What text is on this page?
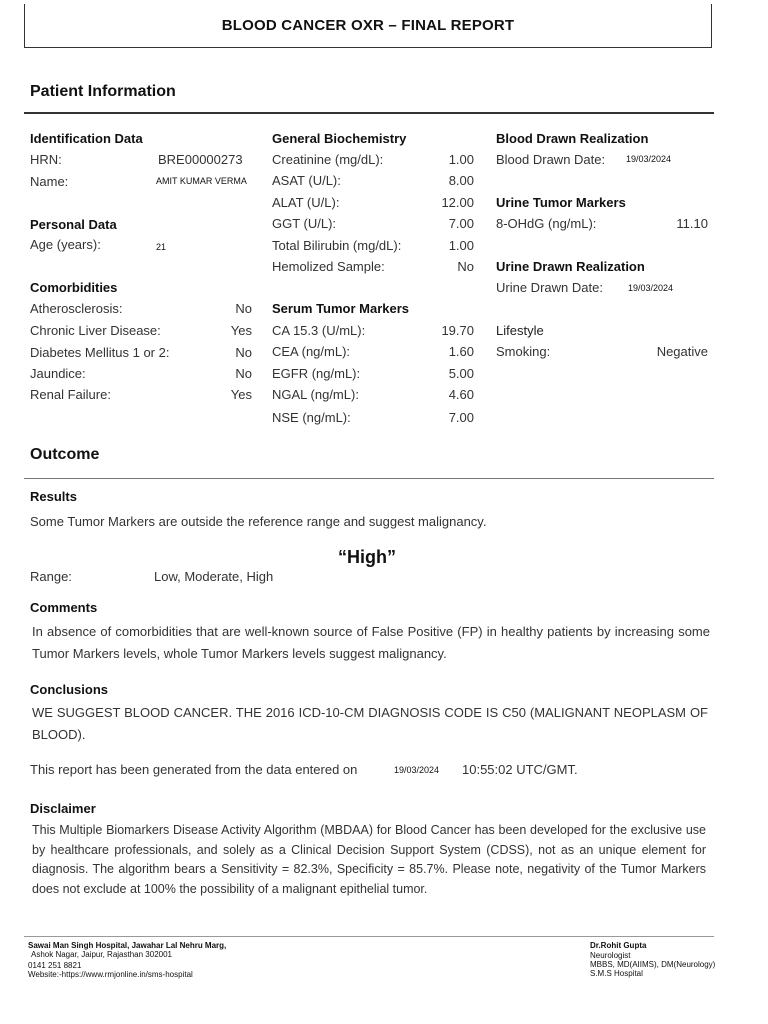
BLOOD CANCER OXR – FINAL REPORT
Patient Information
Identification Data
HRN:	BRE00000273
Name:	AMIT KUMAR VERMA
Personal Data
Age (years):	21
Comorbidities
Atherosclerosis:	No
Chronic Liver Disease:	Yes
Diabetes Mellitus 1 or 2:	No
Jaundice:	No
Renal Failure:	Yes
General Biochemistry
Creatinine (mg/dL):	1.00
ASAT (U/L):	8.00
ALAT (U/L):	12.00
GGT (U/L):	7.00
Total Bilirubin (mg/dL):	1.00
Hemolized Sample:	No
Serum Tumor Markers
CA 15.3 (U/mL):	19.70
CEA (ng/mL):	1.60
EGFR (ng/mL):	5.00
NGAL (ng/mL):	4.60
NSE (ng/mL):	7.00
Blood Drawn Realization
Blood Drawn Date: 19/03/2024
Urine Tumor Markers
8-OHdG (ng/mL):	11.10
Urine Drawn Realization
Urine Drawn Date:	19/03/2024
Lifestyle
Smoking:	Negative
Outcome
Results
Some Tumor Markers are outside the reference range and suggest malignancy.
“High”
Range:	Low, Moderate, High
Comments
In absence of comorbidities that are well-known source of False Positive (FP) in healthy patients by increasing some Tumor Markers levels, whole Tumor Markers levels suggest malignancy.
Conclusions
WE SUGGEST BLOOD CANCER. THE 2016 ICD-10-CM DIAGNOSIS CODE IS C50 (MALIGNANT NEOPLASM OF BLOOD).
This report has been generated from the data entered on	19/03/2024 10:55:02 UTC/GMT.
Disclaimer
This Multiple Biomarkers Disease Activity Algorithm (MBDAA) for Blood Cancer has been developed for the exclusive use by healthcare professionals, and solely as a Clinical Decision Support System (CDSS), not as an unique element for diagnosis. The algorithm bears a Sensitivity = 82.3%, Specificity = 85.7%. Please note, negativity of the Tumor Markers does not exclude at 100% the possibility of a malignant epithelial tumor.
Sawai Man Singh Hospital, Jawahar Lal Nehru Marg,
Ashok Nagar, Jaipur, Rajasthan 302001
0141 251 8821
Website:-https://www.rmjonline.in/sms-hospital
Dr.Rohit Gupta
Neurologist
MBBS, MD(AIIMS), DM(Neurology)
S.M.S Hospital
